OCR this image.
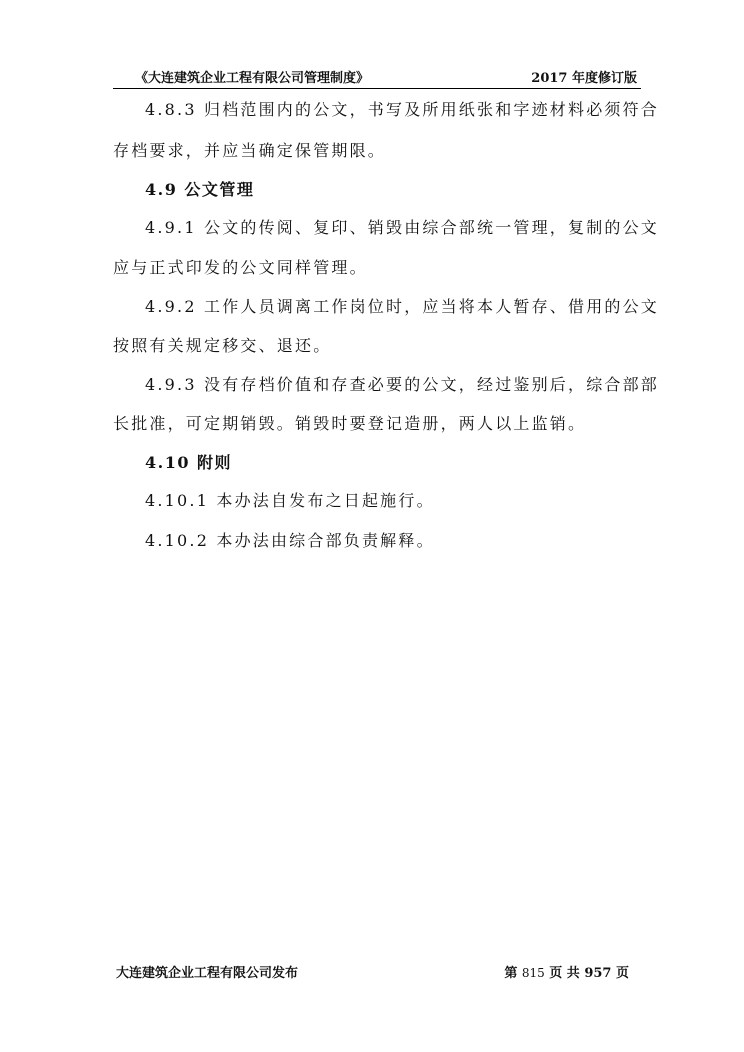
《大连建筑企业工程有限公司管理制度》	2017 年度修订版
4.8.3 归档范围内的公文，书写及所用纸张和字迹材料必须符合
存档要求，并应当确定保管期限。
4.9 公文管理
4.9.1 公文的传阅、复印、销毁由综合部统一管理，复制的公文
应与正式印发的公文同样管理。
4.9.2 工作人员调离工作岗位时，应当将本人暂存、借用的公文
按照有关规定移交、退还。
4.9.3 没有存档价值和存查必要的公文，经过鉴别后，综合部部
长批准，可定期销毁。销毁时要登记造册，两人以上监销。
4.10 附则
4.10.1 本办法自发布之日起施行。
4.10.2 本办法由综合部负责解释。
大连建筑企业工程有限公司发布	第 815 页 共 957 页
